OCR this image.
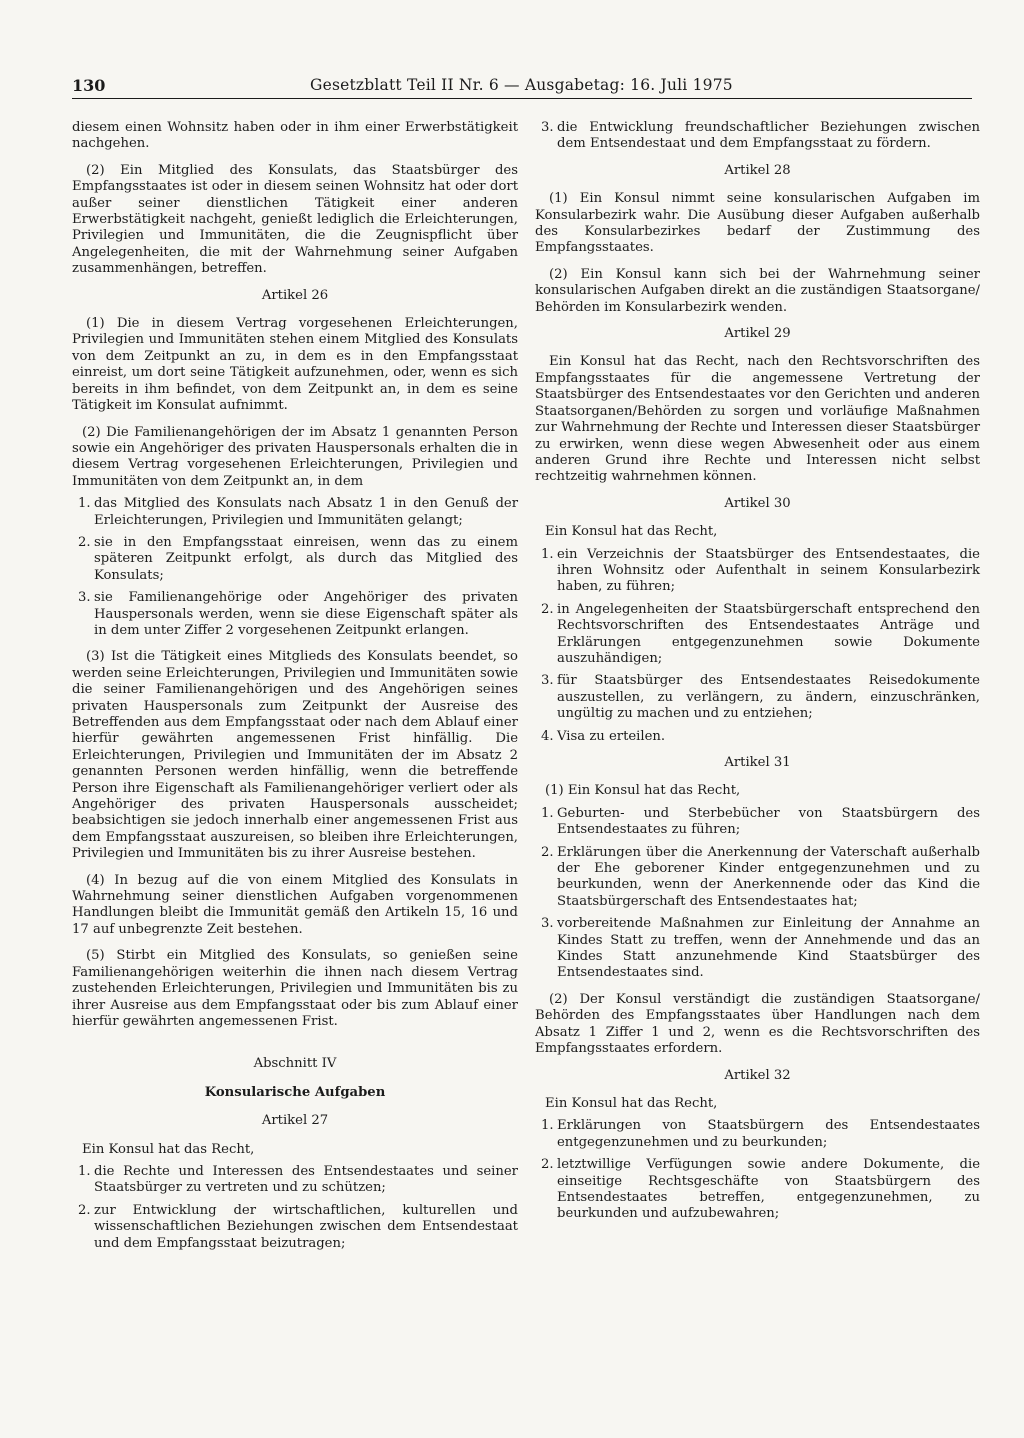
130	Gesetzblatt Teil II Nr. 6 — Ausgabetag: 16. Juli 1975

diesem einen Wohnsitz haben oder in ihm einer Erwerbstätigkeit nachgehen.

(2) Ein Mitglied des Konsulats, das Staatsbürger des Empfangsstaates ist oder in diesem seinen Wohnsitz hat oder dort außer seiner dienstlichen Tätigkeit einer anderen Erwerbstätigkeit nachgeht, genießt lediglich die Erleichterungen, Privilegien und Immunitäten, die die Zeugnispflicht über Angelegenheiten, die mit der Wahrnehmung seiner Aufgaben zusammenhängen, betreffen.

Artikel 26

(1) Die in diesem Vertrag vorgesehenen Erleichterungen, Privilegien und Immunitäten stehen einem Mitglied des Konsulats von dem Zeitpunkt an zu, in dem es in den Empfangsstaat einreist, um dort seine Tätigkeit aufzunehmen, oder, wenn es sich bereits in ihm befindet, von dem Zeitpunkt an, in dem es seine Tätigkeit im Konsulat aufnimmt.

(2) Die Familienangehörigen der im Absatz 1 genannten Person sowie ein Angehöriger des privaten Hauspersonals erhalten die in diesem Vertrag vorgesehenen Erleichterungen, Privilegien und Immunitäten von dem Zeitpunkt an, in dem

1. das Mitglied des Konsulats nach Absatz 1 in den Genuß der Erleichterungen, Privilegien und Immunitäten gelangt;
2. sie in den Empfangsstaat einreisen, wenn das zu einem späteren Zeitpunkt erfolgt, als durch das Mitglied des Konsulats;
3. sie Familienangehörige oder Angehöriger des privaten Hauspersonals werden, wenn sie diese Eigenschaft später als in dem unter Ziffer 2 vorgesehenen Zeitpunkt erlangen.

(3) Ist die Tätigkeit eines Mitglieds des Konsulats beendet, so werden seine Erleichterungen, Privilegien und Immunitäten sowie die seiner Familienangehörigen und des Angehörigen seines privaten Hauspersonals zum Zeitpunkt der Ausreise des Betreffenden aus dem Empfangsstaat oder nach dem Ablauf einer hierfür gewährten angemessenen Frist hinfällig. Die Erleichterungen, Privilegien und Immunitäten der im Absatz 2 genannten Personen werden hinfällig, wenn die betreffende Person ihre Eigenschaft als Familienangehöriger verliert oder als Angehöriger des privaten Hauspersonals ausscheidet; beabsichtigen sie jedoch innerhalb einer angemessenen Frist aus dem Empfangsstaat auszureisen, so bleiben ihre Erleichterungen, Privilegien und Immunitäten bis zu ihrer Ausreise bestehen.

(4) In bezug auf die von einem Mitglied des Konsulats in Wahrnehmung seiner dienstlichen Aufgaben vorgenommenen Handlungen bleibt die Immunität gemäß den Artikeln 15, 16 und 17 auf unbegrenzte Zeit bestehen.

(5) Stirbt ein Mitglied des Konsulats, so genießen seine Familienangehörigen weiterhin die ihnen nach diesem Vertrag zustehenden Erleichterungen, Privilegien und Immunitäten bis zu ihrer Ausreise aus dem Empfangsstaat oder bis zum Ablauf einer hierfür gewährten angemessenen Frist.

Abschnitt IV

Konsularische Aufgaben

Artikel 27

Ein Konsul hat das Recht,

1. die Rechte und Interessen des Entsendestaates und seiner Staatsbürger zu vertreten und zu schützen;
2. zur Entwicklung der wirtschaftlichen, kulturellen und wissenschaftlichen Beziehungen zwischen dem Entsendestaat und dem Empfangsstaat beizutragen;
3. die Entwicklung freundschaftlicher Beziehungen zwischen dem Entsendestaat und dem Empfangsstaat zu fördern.

Artikel 28

(1) Ein Konsul nimmt seine konsularischen Aufgaben im Konsularbezirk wahr. Die Ausübung dieser Aufgaben außerhalb des Konsularbezirkes bedarf der Zustimmung des Empfangsstaates.

(2) Ein Konsul kann sich bei der Wahrnehmung seiner konsularischen Aufgaben direkt an die zuständigen Staatsorgane/ Behörden im Konsularbezirk wenden.

Artikel 29

Ein Konsul hat das Recht, nach den Rechtsvorschriften des Empfangsstaates für die angemessene Vertretung der Staatsbürger des Entsendestaates vor den Gerichten und anderen Staatsorganen/Behörden zu sorgen und vorläufige Maßnahmen zur Wahrnehmung der Rechte und Interessen dieser Staatsbürger zu erwirken, wenn diese wegen Abwesenheit oder aus einem anderen Grund ihre Rechte und Interessen nicht selbst rechtzeitig wahrnehmen können.

Artikel 30

Ein Konsul hat das Recht,

1. ein Verzeichnis der Staatsbürger des Entsendestaates, die ihren Wohnsitz oder Aufenthalt in seinem Konsularbezirk haben, zu führen;
2. in Angelegenheiten der Staatsbürgerschaft entsprechend den Rechtsvorschriften des Entsendestaates Anträge und Erklärungen entgegenzunehmen sowie Dokumente auszuhändigen;
3. für Staatsbürger des Entsendestaates Reisedokumente auszustellen, zu verlängern, zu ändern, einzuschränken, ungültig zu machen und zu entziehen;
4. Visa zu erteilen.

Artikel 31

(1) Ein Konsul hat das Recht,

1. Geburten- und Sterbebücher von Staatsbürgern des Entsendestaates zu führen;
2. Erklärungen über die Anerkennung der Vaterschaft außerhalb der Ehe geborener Kinder entgegenzunehmen und zu beurkunden, wenn der Anerkennende oder das Kind die Staatsbürgerschaft des Entsendestaates hat;
3. vorbereitende Maßnahmen zur Einleitung der Annahme an Kindes Statt zu treffen, wenn der Annehmende und das an Kindes Statt anzunehmende Kind Staatsbürger des Entsendestaates sind.

(2) Der Konsul verständigt die zuständigen Staatsorgane/ Behörden des Empfangsstaates über Handlungen nach dem Absatz 1 Ziffer 1 und 2, wenn es die Rechtsvorschriften des Empfangsstaates erfordern.

Artikel 32

Ein Konsul hat das Recht,

1. Erklärungen von Staatsbürgern des Entsendestaates entgegenzunehmen und zu beurkunden;
2. letztwillige Verfügungen sowie andere Dokumente, die einseitige Rechtsgeschäfte von Staatsbürgern des Entsendestaates betreffen, entgegenzunehmen, zu beurkunden und aufzubewahren;
